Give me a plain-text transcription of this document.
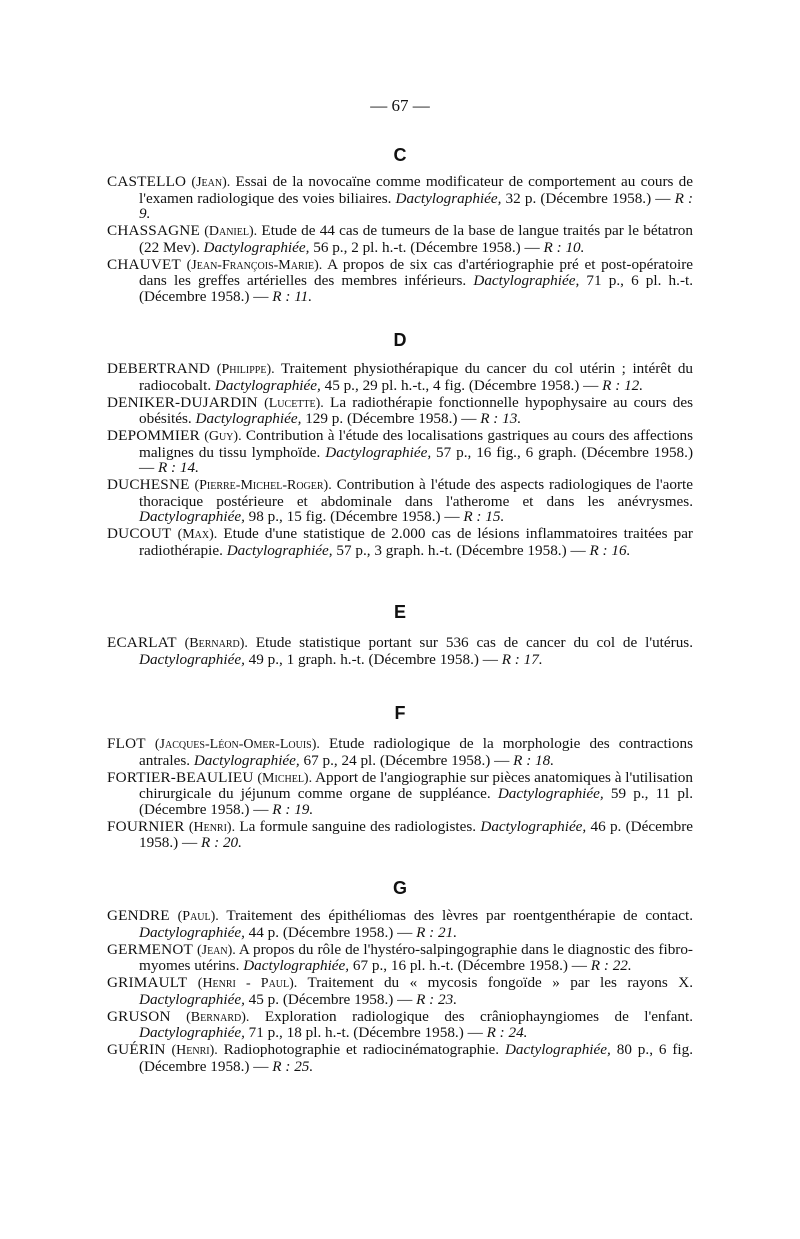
— 67 —
C

CASTELLO (Jean). Essai de la novocaïne comme modificateur de comportement au cours de l'examen radiologique des voies biliaires. Dactylographiée, 32 p. (Décembre 1958.) — R : 9.

CHASSAGNE (Daniel). Etude de 44 cas de tumeurs de la base de langue traités par le bétatron (22 Mev). Dactylographiée, 56 p., 2 pl. h.-t. (Décembre 1958.) — R : 10.

CHAUVET (Jean-François-Marie). A propos de six cas d'artériographie pré et post-opératoire dans les greffes artérielles des membres inférieurs. Dactylographiée, 71 p., 6 pl. h.-t. (Décembre 1958.) — R : 11.

D

DEBERTRAND (Philippe). Traitement physiothérapique du cancer du col utérin ; intérêt du radiocobalt. Dactylographiée, 45 p., 29 pl. h.-t., 4 fig. (Décembre 1958.) — R : 12.

DENIKER-DUJARDIN (Lucette). La radiothérapie fonctionnelle hypophysaire au cours des obésités. Dactylographiée, 129 p. (Décembre 1958.) — R : 13.

DEPOMMIER (Guy). Contribution à l'étude des localisations gastriques au cours des affections malignes du tissu lymphoïde. Dactylographiée, 57 p., 16 fig., 6 graph. (Décembre 1958.) — R : 14.

DUCHESNE (Pierre-Michel-Roger). Contribution à l'étude des aspects radiologiques de l'aorte thoracique postérieure et abdominale dans l'atherome et dans les anévrysmes. Dactylographiée, 98 p., 15 fig. (Décembre 1958.) — R : 15.

DUCOUT (Max). Etude d'une statistique de 2.000 cas de lésions inflammatoires traitées par radiothérapie. Dactylographiée, 57 p., 3 graph. h.-t. (Décembre 1958.) — R : 16.

E

ECARLAT (Bernard). Etude statistique portant sur 536 cas de cancer du col de l'utérus. Dactylographiée, 49 p., 1 graph. h.-t. (Décembre 1958.) — R : 17.

F

FLOT (Jacques-Léon-Omer-Louis). Etude radiologique de la morphologie des contractions antrales. Dactylographiée, 67 p., 24 pl. (Décembre 1958.) — R : 18.

FORTIER-BEAULIEU (Michel). Apport de l'angiographie sur pièces anatomiques à l'utilisation chirurgicale du jéjunum comme organe de suppléance. Dactylographiée, 59 p., 11 pl. (Décembre 1958.) — R : 19.

FOURNIER (Henri). La formule sanguine des radiologistes. Dactylographiée, 46 p. (Décembre 1958.) — R : 20.

G

GENDRE (Paul). Traitement des épithéliomas des lèvres par roentgenthérapie de contact. Dactylographiée, 44 p. (Décembre 1958.) — R : 21.

GERMENOT (Jean). A propos du rôle de l'hystéro-salpingographie dans le diagnostic des fibro-myomes utérins. Dactylographiée, 67 p., 16 pl. h.-t. (Décembre 1958.) — R : 22.

GRIMAULT (Henri - Paul). Traitement du « mycosis fongoïde » par les rayons X. Dactylographiée, 45 p. (Décembre 1958.) — R : 23.

GRUSON (Bernard). Exploration radiologique des crâniophayngiomes de l'enfant. Dactylographiée, 71 p., 18 pl. h.-t. (Décembre 1958.) — R : 24.

GUÉRIN (Henri). Radiophotographie et radiocinématographie. Dactylographiée, 80 p., 6 fig. (Décembre 1958.) — R : 25.
